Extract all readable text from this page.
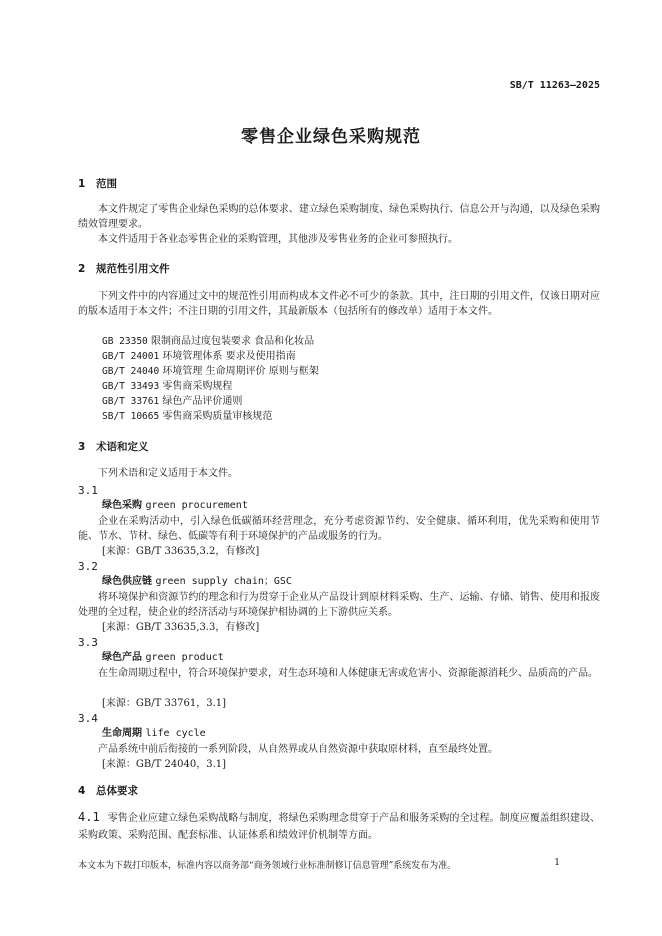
SB/T 11263—2025
零售企业绿色采购规范
1 范围
本文件规定了零售企业绿色采购的总体要求、建立绿色采购制度、绿色采购执行、信息公开与沟通，以及绿色采购绩效管理要求。
本文件适用于各业态零售企业的采购管理，其他涉及零售业务的企业可参照执行。
2 规范性引用文件
下列文件中的内容通过文中的规范性引用而构成本文件必不可少的条款。其中，注日期的引用文件，仅该日期对应的版本适用于本文件；不注日期的引用文件，其最新版本（包括所有的修改单）适用于本文件。
GB 23350 限制商品过度包装要求 食品和化妆品
GB/T 24001 环境管理体系 要求及使用指南
GB/T 24040 环境管理 生命周期评价 原则与框架
GB/T 33493 零售商采购规程
GB/T 33761 绿色产品评价通则
SB/T 10665 零售商采购质量审核规范
3 术语和定义
下列术语和定义适用于本文件。
3.1
绿色采购 green procurement
企业在采购活动中，引入绿色低碳循环经营理念，充分考虑资源节约、安全健康、循环利用，优先采购和使用节能、节水、节材、绿色、低碳等有利于环境保护的产品或服务的行为。
[来源：GB/T 33635,3.2，有修改]
3.2
绿色供应链 green supply chain；GSC
将环境保护和资源节约的理念和行为贯穿于企业从产品设计到原材料采购、生产、运输、存储、销售、使用和报废处理的全过程，使企业的经济活动与环境保护相协调的上下游供应关系。
[来源：GB/T 33635,3.3，有修改]
3.3
绿色产品 green product
在生命周期过程中，符合环境保护要求，对生态环境和人体健康无害或危害小、资源能源消耗少、品质高的产品。
[来源：GB/T 33761，3.1]
3.4
生命周期 life cycle
产品系统中前后衔接的一系列阶段，从自然界或从自然资源中获取原材料，直至最终处置。
[来源：GB/T 24040，3.1]
4 总体要求
4.1 零售企业应建立绿色采购战略与制度，将绿色采购理念贯穿于产品和服务采购的全过程。制度应覆盖组织建设、采购政策、采购范围、配套标准、认证体系和绩效评价机制等方面。
本文本为下载打印版本，标准内容以商务部“商务领域行业标准制修订信息管理”系统发布为准。	1
